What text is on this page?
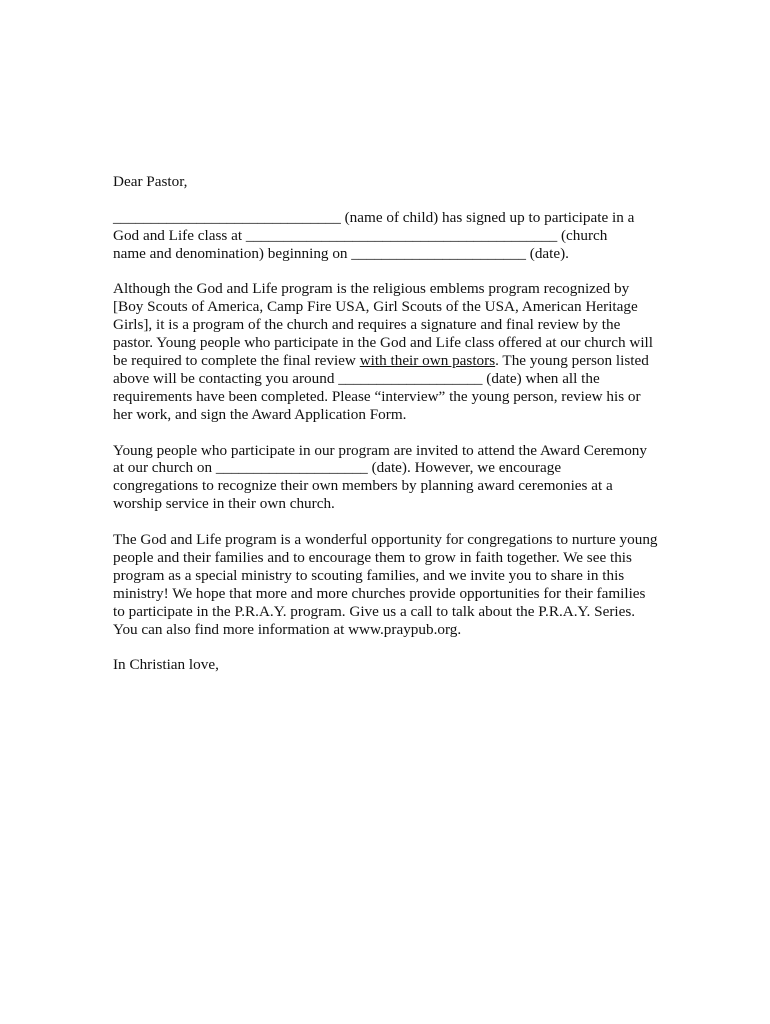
Dear Pastor,
______________________________ (name of child) has signed up to participate in a
God and Life class at _________________________________________ (church
name and denomination) beginning on _______________________ (date).
Although the God and Life program is the religious emblems program recognized by
[Boy Scouts of America, Camp Fire USA, Girl Scouts of the USA, American Heritage
Girls], it is a program of the church and requires a signature and final review by the
pastor. Young people who participate in the God and Life class offered at our church will
be required to complete the final review with their own pastors. The young person listed
above will be contacting you around ___________________ (date) when all the
requirements have been completed. Please “interview” the young person, review his or
her work, and sign the Award Application Form.
Young people who participate in our program are invited to attend the Award Ceremony
at our church on ____________________ (date). However, we encourage
congregations to recognize their own members by planning award ceremonies at a
worship service in their own church.
The God and Life program is a wonderful opportunity for congregations to nurture young
people and their families and to encourage them to grow in faith together. We see this
program as a special ministry to scouting families, and we invite you to share in this
ministry! We hope that more and more churches provide opportunities for their families
to participate in the P.R.A.Y. program. Give us a call to talk about the P.R.A.Y. Series.
You can also find more information at www.praypub.org.
In Christian love,
